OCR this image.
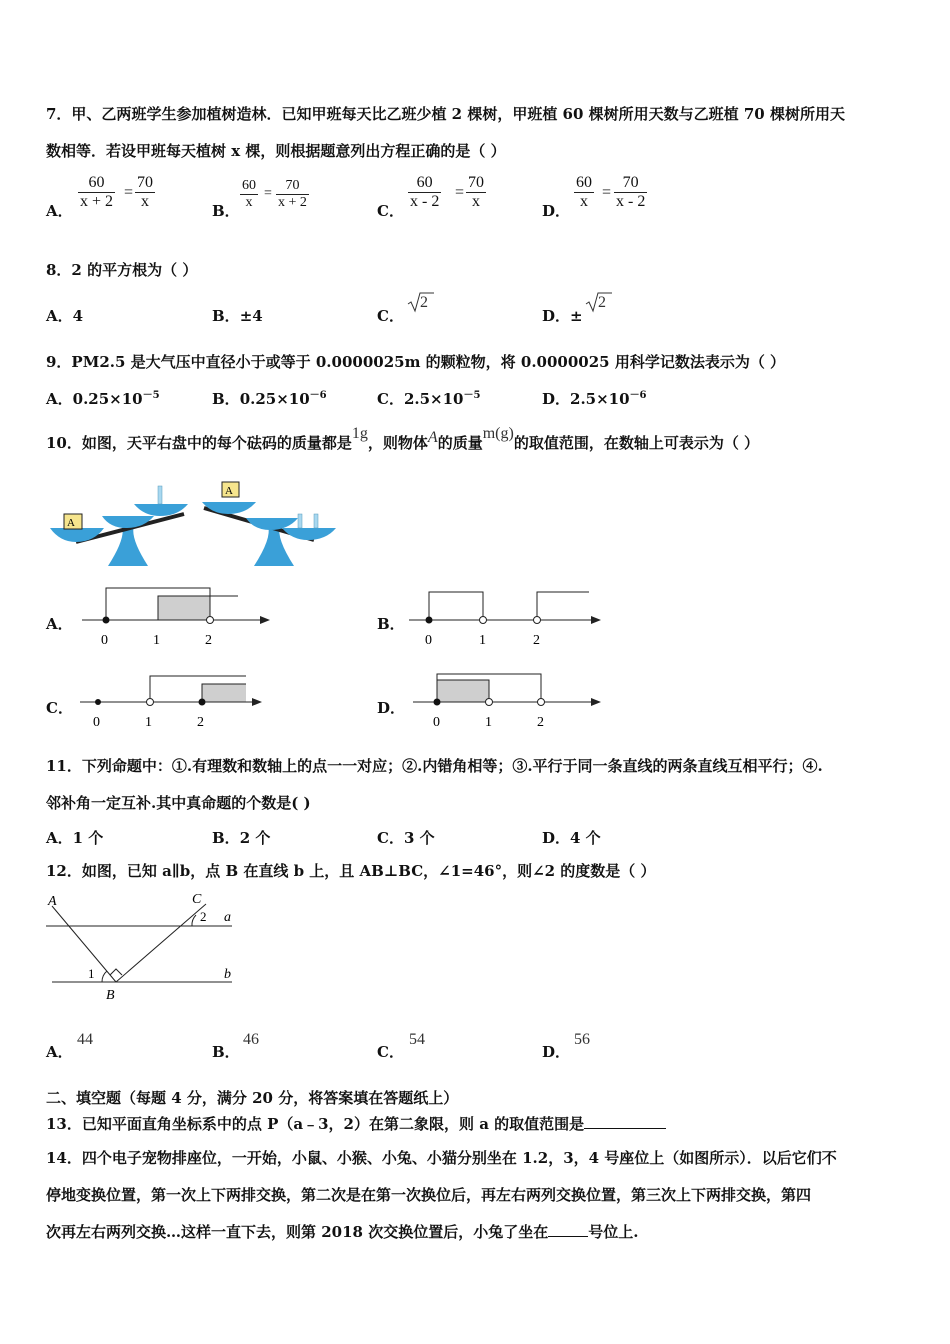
7．甲、乙两班学生参加植树造林．已知甲班每天比乙班少植 2 棵树，甲班植 60 棵树所用天数与乙班植 70 棵树所用天
数相等．若设甲班每天植树 x 棵，则根据题意列出方程正确的是（ ）
A． $\frac{60}{x + 2} = \frac{70}{x}$	B． $\frac{60}{x} = \frac{70}{x + 2}$	C． $\frac{60}{x - 2} = \frac{70}{x}$	D． $\frac{60}{x} = \frac{70}{x - 2}$
8．2 的平方根为（ ）
A．4	B．±4	C．
2
D．±
2
9．PM2.5 是大气压中直径小于或等于 0.0000025m 的颗粒物，将 0.0000025 用科学记数法表示为（ ）
A．$0.25\times 10^{-5}$	B．$0.25\times 10^{-6}$	C．$2.5\times 10^{-5}$	D．$2.5\times 10^{-6}$
10．如图，天平右盘中的每个砝码的质量都是1g，则物体A的质量m(g)的取值范围，在数轴上可表示为（ ）
A
A
A．
0	1	2
B．
0	1	2
C．
0	1	2
D．
0	1	2
11．下列命题中：①.有理数和数轴上的点一一对应；②.内错角相等；③.平行于同一条直线的两条直线互相平行；④.
邻补角一定互补.其中真命题的个数是( )
A．1 个	B．2 个	C．3 个	D．4 个
12．如图，已知 a∥b，点 B 在直线 b 上，且 AB⊥BC，∠1=46°，则∠2 的度数是（ ）
A	C
2 a
1	b
B
A．
44
B．
46
C．
54
D．
56
二、填空题（每题 4 分，满分 20 分，将答案填在答题纸上）
13．已知平面直角坐标系中的点 P（a﹣3，2）在第二象限，则 a 的取值范围是
14．四个电子宠物排座位，一开始，小鼠、小猴、小兔、小猫分别坐在 1.2，3，4 号座位上（如图所示）．以后它们不
停地变换位置，第一次上下两排交换，第二次是在第一次换位后，再左右两列交换位置，第三次上下两排交换，第四
次再左右两列交换…这样一直下去，则第 2018 次交换位置后，小兔了坐在	号位上.
